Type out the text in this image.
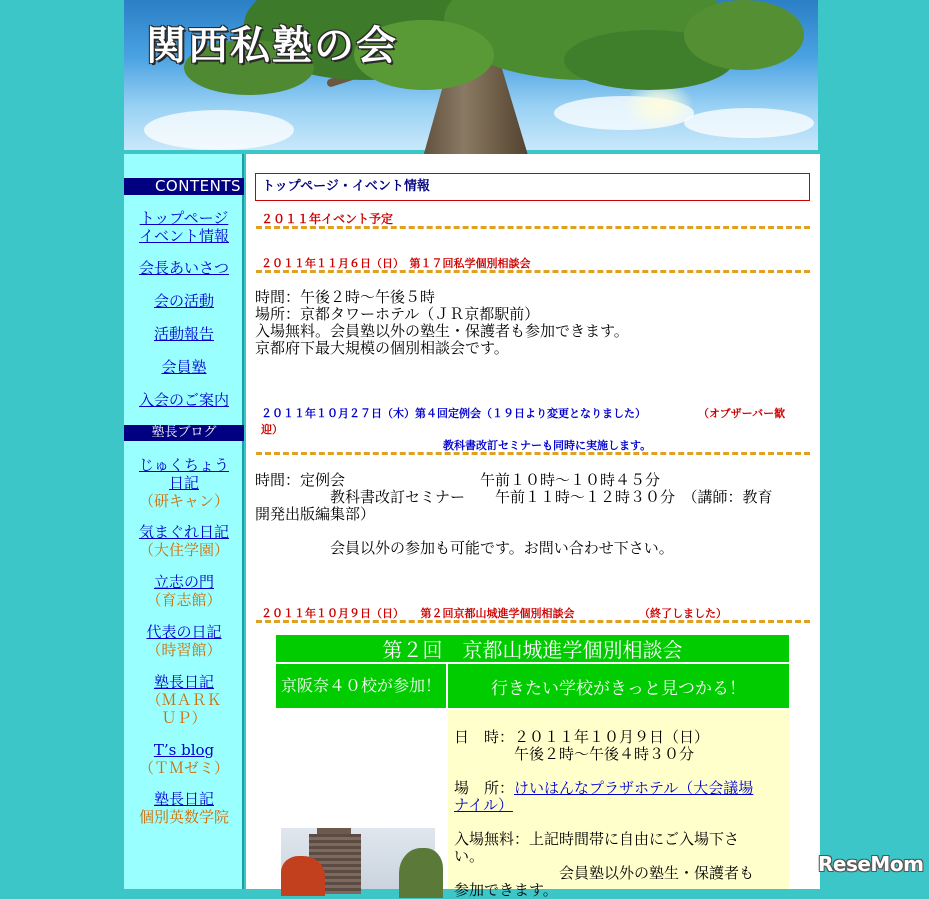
関西私塾の会
CONTENTS
トップページ
イベント情報
会長あいさつ
会の活動
活動報告
会員塾
入会のご案内
塾長ブログ
じゅくちょう
日記
（研キャン）
気まぐれ日記
（大住学園）
立志の門
（育志館）
代表の日記
（時習館）
塾長日記
（ＭＡＲＫ
ＵＰ）
T’s blog
（ＴＭゼミ）
塾長日記
個別英数学院
トップページ・イベント情報
２０１１年イベント予定
２０１１年１１月６日（日）　第１７回私学個別相談会
時間：午後２時〜午後５時
場所：京都タワーホテル（ＪＲ京都駅前）
入場無料。会員塾以外の塾生・保護者も参加できます。
京都府下最大規模の個別相談会です。
２０１１年１０月２７日（木）第４回定例会（１９日より変更となりました）	（オブザーバー歓
迎）
教科書改訂セミナーも同時に実施します。
時間：定例会　　　　　　　　　午前１０時〜１０時４５分
　　　　　教科書改訂セミナー　　午前１１時〜１２時３０分　（講師：教育
開発出版編集部）
　　　　　会員以外の参加も可能です。お問い合わせ下さい。
２０１１年１０月９日（日）　　第２回京都山城進学個別相談会	（終了しました）
第２回　京都山城進学個別相談会
京阪奈４０校が参 加！	行きたい学校がきっと見つかる！
日　時：２０１１年１０月９日（日）
　　　　午後２時〜午後４時３０分
場　所：けいはんなプラザホテル（大会議場
ナイル）
入場無料：上記時間帯に自由にご入場下さ
い。
　　　　　　　会員塾以外の塾生・保護者も
参加できます。
ReseMom
